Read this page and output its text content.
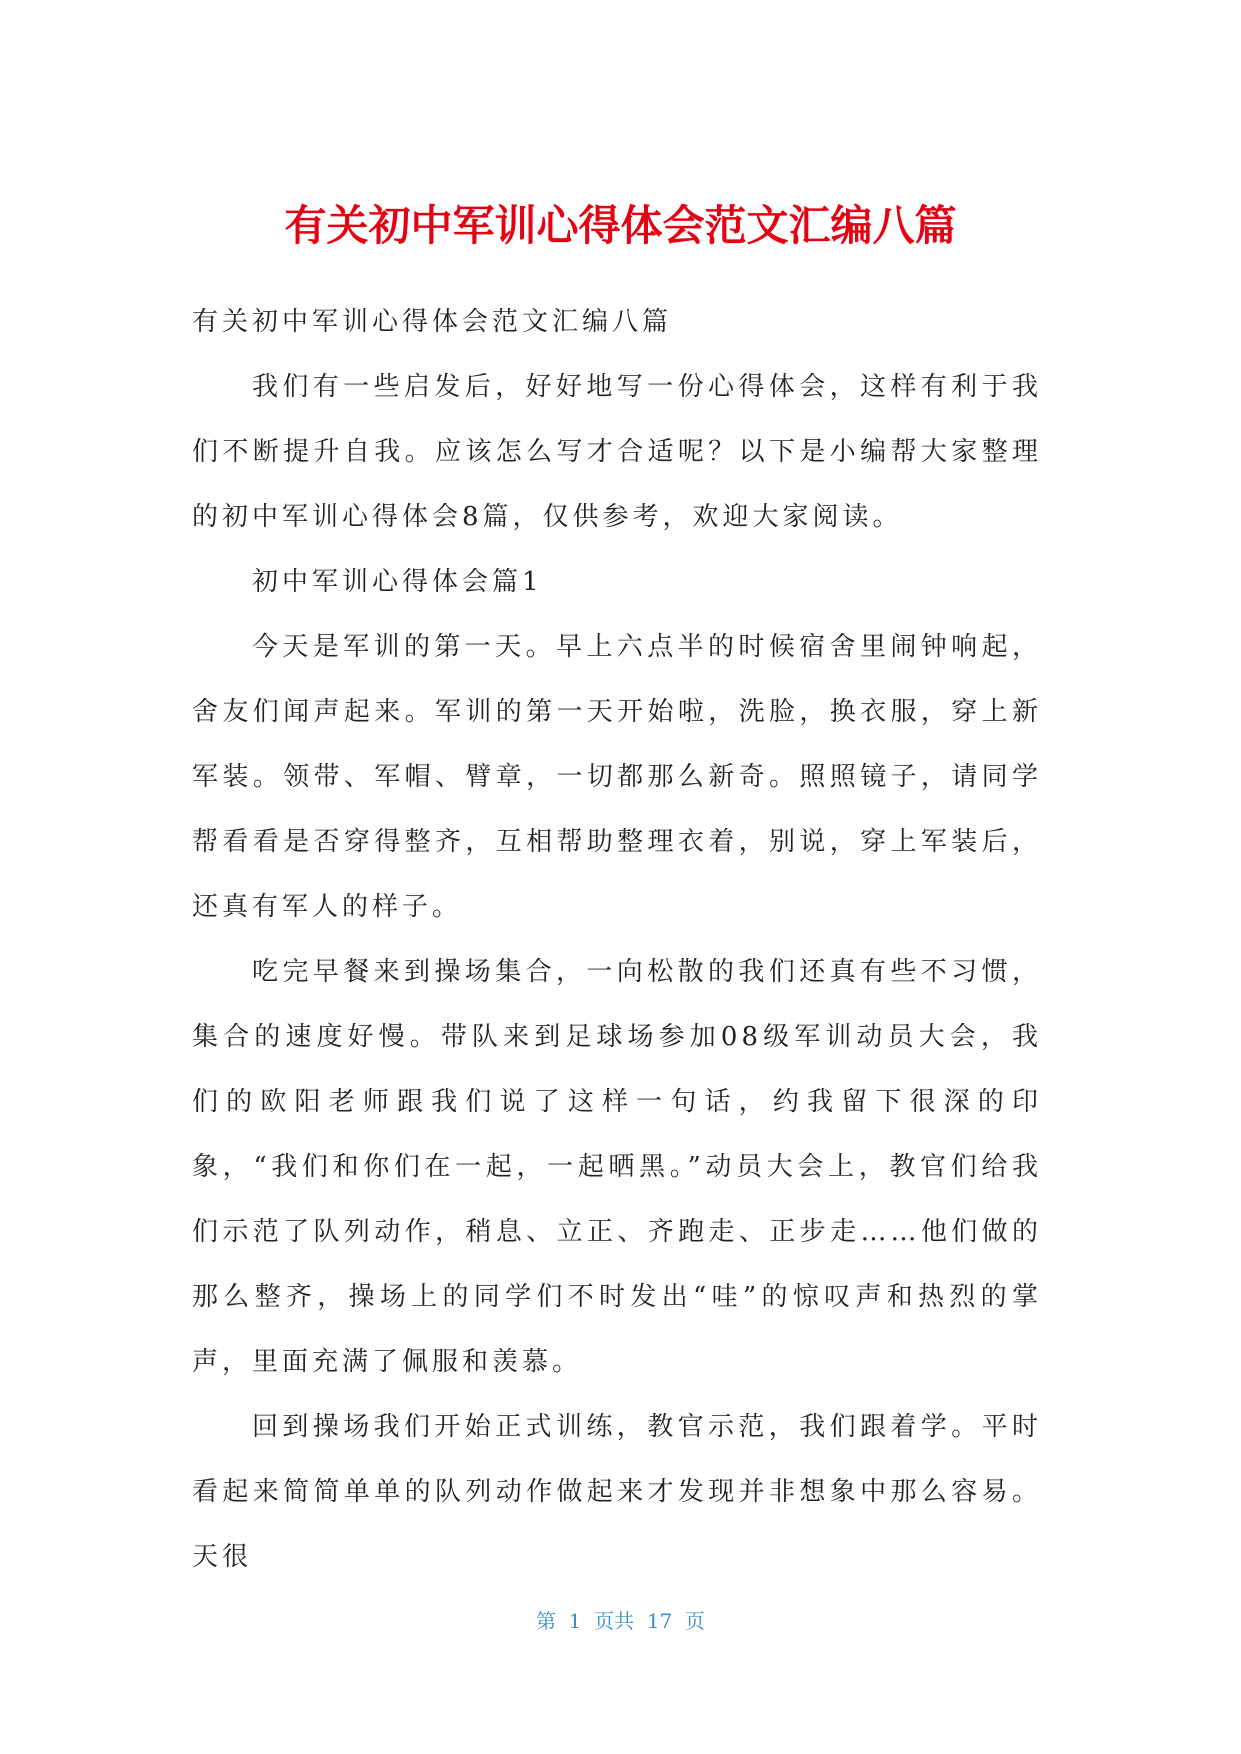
有关初中军训心得体会范文汇编八篇

有关初中军训心得体会范文汇编八篇

我们有一些启发后，好好地写一份心得体会，这样有利于我们不断提升自我。应该怎么写才合适呢？以下是小编帮大家整理的初中军训心得体会8篇，仅供参考，欢迎大家阅读。

初中军训心得体会篇1

今天是军训的第一天。早上六点半的时候宿舍里闹钟响起，舍友们闻声起来。军训的第一天开始啦，洗脸，换衣服，穿上新军装。领带、军帽、臂章，一切都那么新奇。照照镜子，请同学帮看看是否穿得整齐，互相帮助整理衣着，别说，穿上军装后，还真有军人的样子。

吃完早餐来到操场集合，一向松散的我们还真有些不习惯，集合的速度好慢。带队来到足球场参加08级军训动员大会，我们的欧阳老师跟我们说了这样一句话，约我留下很深的印象，“我们和你们在一起，一起晒黑。”动员大会上，教官们给我们示范了队列动作，稍息、立正、齐跑走、正步走……他们做的那么整齐，操场上的同学们不时发出“哇”的惊叹声和热烈的掌声，里面充满了佩服和羡慕。

回到操场我们开始正式训练，教官示范，我们跟着学。平时看起来简简单单的队列动作做起来才发现并非想象中那么容易。天很

第  1  页共  17  页
